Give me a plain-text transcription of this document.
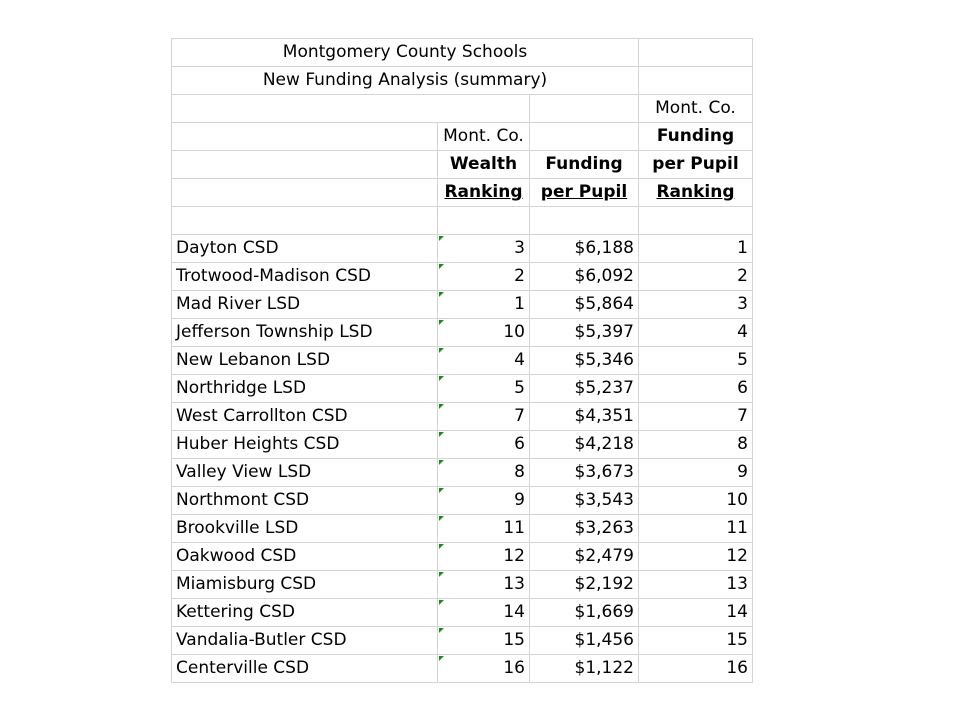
Montgomery County Schools			
New Funding Analysis (summary)			
			Mont. Co.
	Mont. Co.		Funding
	Wealth	Funding	per Pupil
	Ranking	per Pupil	Ranking

Dayton CSD	3	$6,188	1
Trotwood-Madison CSD	2	$6,092	2
Mad River LSD	1	$5,864	3
Jefferson Township LSD	10	$5,397	4
New Lebanon LSD	4	$5,346	5
Northridge LSD	5	$5,237	6
West Carrollton CSD	7	$4,351	7
Huber Heights CSD	6	$4,218	8
Valley View LSD	8	$3,673	9
Northmont CSD	9	$3,543	10
Brookville LSD	11	$3,263	11
Oakwood CSD	12	$2,479	12
Miamisburg CSD	13	$2,192	13
Kettering CSD	14	$1,669	14
Vandalia-Butler CSD	15	$1,456	15
Centerville CSD	16	$1,122	16
